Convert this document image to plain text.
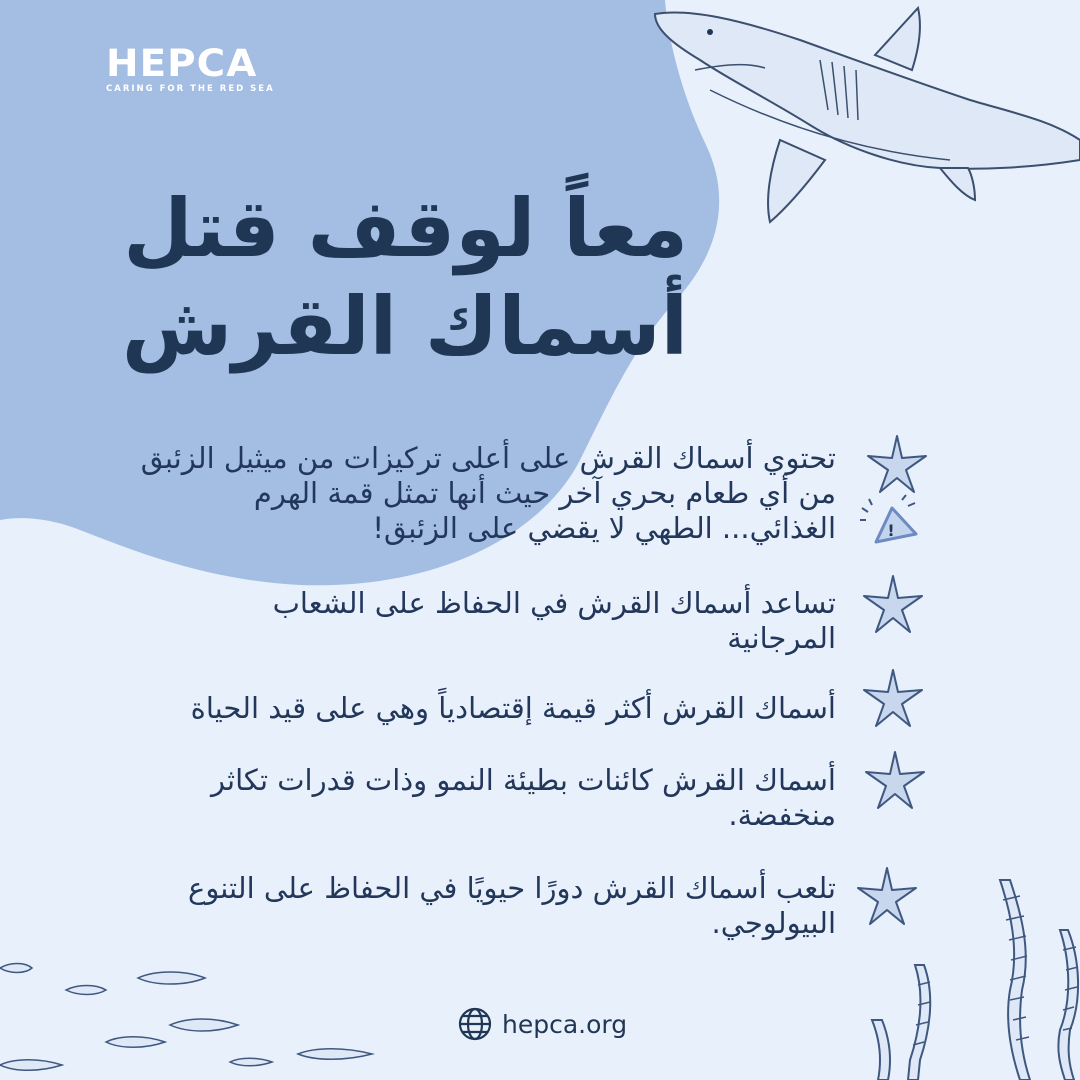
HEPCA
CARING FOR THE RED SEA
معاً لوقف قتل
أسماك القرش
تحتوي أسماك القرش على أعلى تركيزات من ميثيل الزئبق
من أي طعام بحري آخر حيث أنها تمثل قمة الهرم
الغذائي... الطهي لا يقضي على الزئبق!
تساعد أسماك القرش في الحفاظ على الشعاب
المرجانية
أسماك القرش أكثر قيمة إقتصادياً وهي على قيد الحياة
أسماك القرش كائنات بطيئة النمو وذات قدرات تكاثر
منخفضة.
تلعب أسماك القرش دورًا حيويًا في الحفاظ على التنوع
البيولوجي.
!
hepca.org
